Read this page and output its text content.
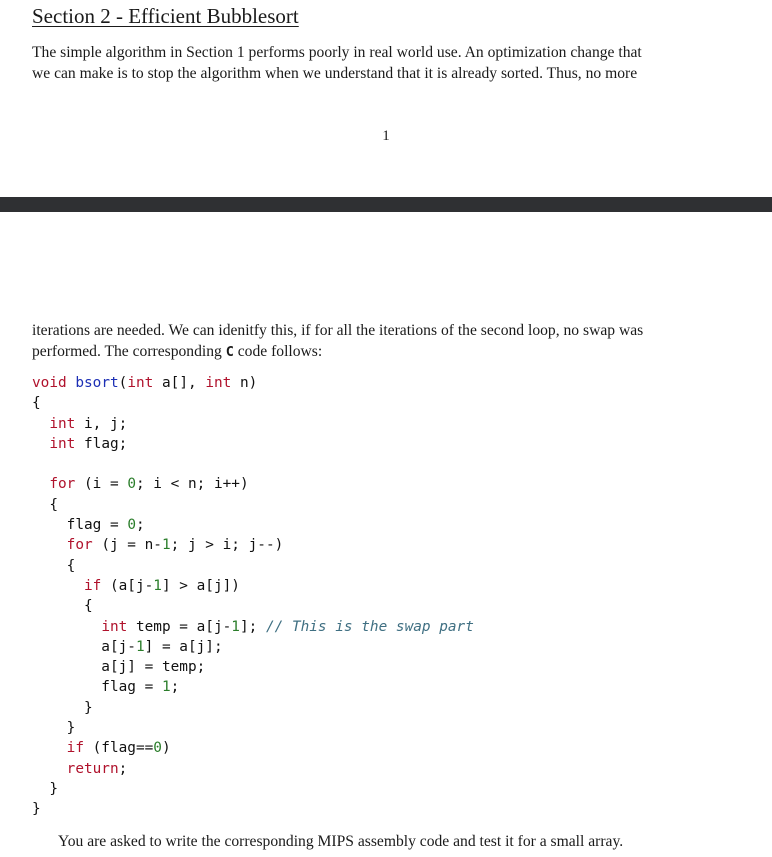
Section 2 - Efficient Bubblesort
The simple algorithm in Section 1 performs poorly in real world use. An optimization change that
we can make is to stop the algorithm when we understand that it is already sorted. Thus, no more
1
iterations are needed. We can idenitfy this, if for all the iterations of the second loop, no swap was
performed. The corresponding C code follows:
void bsort(int a[], int n)
{
int i, j;
int flag;
for (i = 0; i < n; i++)
{
flag = 0;
for (j = n-1; j > i; j--)
{
if (a[j-1] > a[j])
{
int temp = a[j-1]; // This is the swap part
a[j-1] = a[j];
a[j] = temp;
flag = 1;
}
}
if (flag==0)
return;
}
}
You are asked to write the corresponding MIPS assembly code and test it for a small array.
